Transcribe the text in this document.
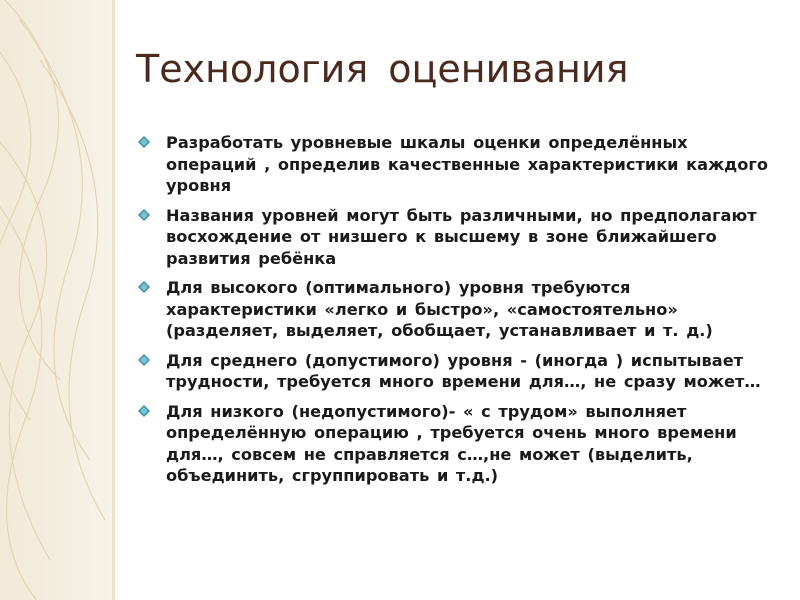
Технология оценивания
Разработать уровневые шкалы оценки определённых операций , определив качественные характеристики каждого уровня
Названия уровней могут быть различными, но предполагают восхождение от низшего к высшему в зоне ближайшего развития ребёнка
Для высокого (оптимального) уровня требуются характеристики «легко и быстро», «самостоятельно» (разделяет, выделяет, обобщает, устанавливает и т. д.)
Для среднего (допустимого) уровня - (иногда ) испытывает трудности, требуется много времени для…, не сразу может…
Для низкого (недопустимого)- « с трудом» выполняет определённую операцию , требуется очень много времени для…, совсем не справляется с…,не может (выделить, объединить, сгруппировать и т.д.)
